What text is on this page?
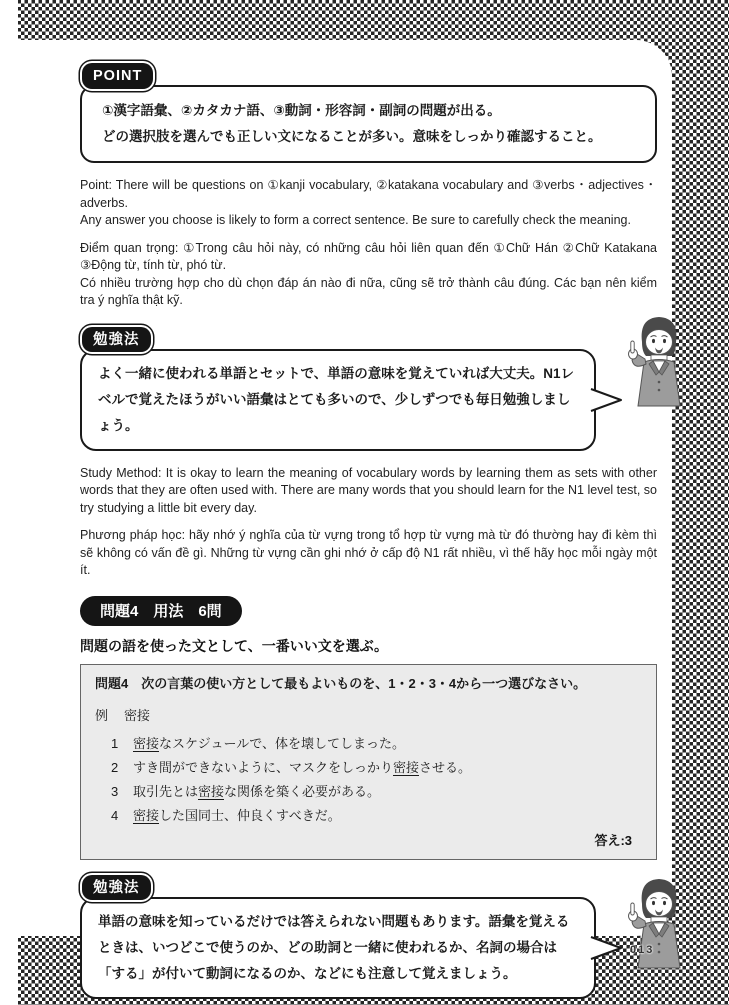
013
POINT

①漢字語彙、②カタカナ語、③動詞・形容詞・副詞の問題が出る。

どの選択肢を選んでも正しい文になることが多い。意味をしっかり確認すること。

Point: There will be questions on ①kanji vocabulary, ②katakana vocabulary and ③verbs・adjectives・adverbs.

Any answer you choose is likely to form a correct sentence. Be sure to carefully check the meaning.

Điểm quan trọng: ①Trong câu hỏi này, có những câu hỏi liên quan đến ①Chữ Hán ②Chữ Katakana ③Động từ, tính từ, phó từ.

Có nhiều trường hợp cho dù chọn đáp án nào đi nữa, cũng sẽ trở thành câu đúng. Các bạn nên kiểm tra ý nghĩa thật kỹ.

勉強法

よく一緒に使われる単語とセットで、単語の意味を覚えていれば大丈夫。N1レベルで覚えたほうがいい語彙はとても多いので、少しずつでも毎日勉強しましょう。

Study Method: It is okay to learn the meaning of vocabulary words by learning them as sets with other words that they are often used with. There are many words that you should learn for the N1 level test, so try studying a little bit every day.

Phương pháp học: hãy nhớ ý nghĩa của từ vựng trong tổ hợp từ vựng mà từ đó thường hay đi kèm thì sẽ không có vấn đề gì. Những từ vựng cần ghi nhớ ở cấp độ N1 rất nhiều, vì thế hãy học mỗi ngày một ít.

問題4　用法　6問

問題の語を使った文として、一番いい文を選ぶ。

問題4　次の言葉の使い方として最もよいものを、1・2・3・4から一つ選びなさい。

例 密接
1	密接なスケジュールで、体を壊してしまった。
2	すき間ができないように、マスクをしっかり密接させる。
3	取引先とは密接な関係を築く必要がある。
4	密接した国同士、仲良くすべきだ。

答え:3

勉強法

単語の意味を知っているだけでは答えられない問題もあります。語彙を覚えるときは、いつどこで使うのか、どの助詞と一緒に使われるか、名詞の場合は「する」が付いて動詞になるのか、などにも注意して覚えましょう。
